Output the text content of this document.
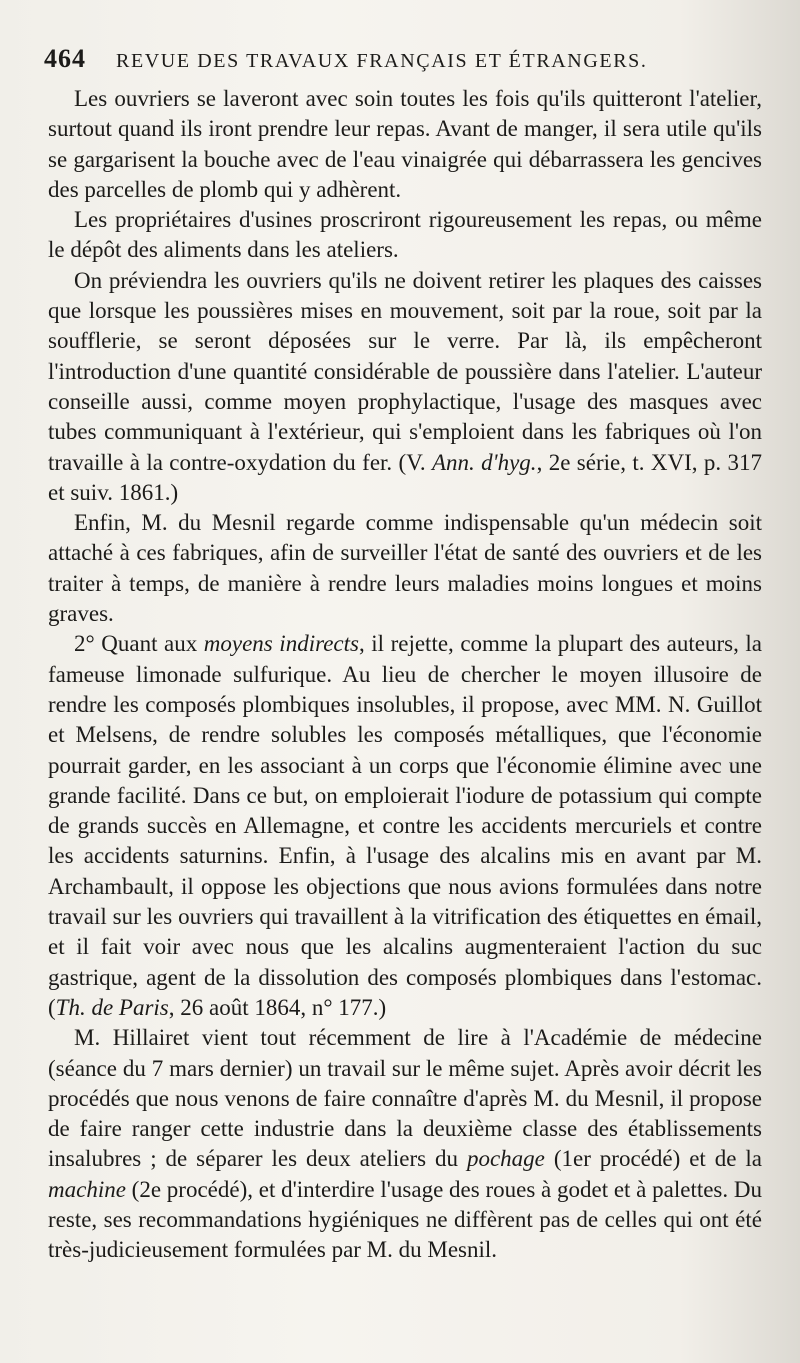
464 REVUE DES TRAVAUX FRANÇAIS ET ÉTRANGERS.

Les ouvriers se laveront avec soin toutes les fois qu'ils quitteront l'atelier, surtout quand ils iront prendre leur repas. Avant de manger, il sera utile qu'ils se gargarisent la bouche avec de l'eau vinaigrée qui débarrassera les gencives des parcelles de plomb qui y adhèrent.

Les propriétaires d'usines proscriront rigoureusement les repas, ou même le dépôt des aliments dans les ateliers.

On préviendra les ouvriers qu'ils ne doivent retirer les plaques des caisses que lorsque les poussières mises en mouvement, soit par la roue, soit par la soufflerie, se seront déposées sur le verre. Par là, ils empêcheront l'introduction d'une quantité considérable de poussière dans l'atelier. L'auteur conseille aussi, comme moyen prophylactique, l'usage des masques avec tubes communiquant à l'extérieur, qui s'emploient dans les fabriques où l'on travaille à la contre-oxydation du fer. (V. Ann. d'hyg., 2e série, t. XVI, p. 317 et suiv. 1861.)

Enfin, M. du Mesnil regarde comme indispensable qu'un médecin soit attaché à ces fabriques, afin de surveiller l'état de santé des ouvriers et de les traiter à temps, de manière à rendre leurs maladies moins longues et moins graves.

2° Quant aux moyens indirects, il rejette, comme la plupart des auteurs, la fameuse limonade sulfurique. Au lieu de chercher le moyen illusoire de rendre les composés plombiques insolubles, il propose, avec MM. N. Guillot et Melsens, de rendre solubles les composés métalliques, que l'économie pourrait garder, en les associant à un corps que l'économie élimine avec une grande facilité. Dans ce but, on emploierait l'iodure de potassium qui compte de grands succès en Allemagne, et contre les accidents mercuriels et contre les accidents saturnins. Enfin, à l'usage des alcalins mis en avant par M. Archambault, il oppose les objections que nous avions formulées dans notre travail sur les ouvriers qui travaillent à la vitrification des étiquettes en émail, et il fait voir avec nous que les alcalins augmenteraient l'action du suc gastrique, agent de la dissolution des composés plombiques dans l'estomac. (Th. de Paris, 26 août 1864, n° 177.)

M. Hillairet vient tout récemment de lire à l'Académie de médecine (séance du 7 mars dernier) un travail sur le même sujet. Après avoir décrit les procédés que nous venons de faire connaître d'après M. du Mesnil, il propose de faire ranger cette industrie dans la deuxième classe des établissements insalubres ; de séparer les deux ateliers du pochage (1er procédé) et de la machine (2e procédé), et d'interdire l'usage des roues à godet et à palettes. Du reste, ses recommandations hygiéniques ne diffèrent pas de celles qui ont été très-judicieusement formulées par M. du Mesnil.
